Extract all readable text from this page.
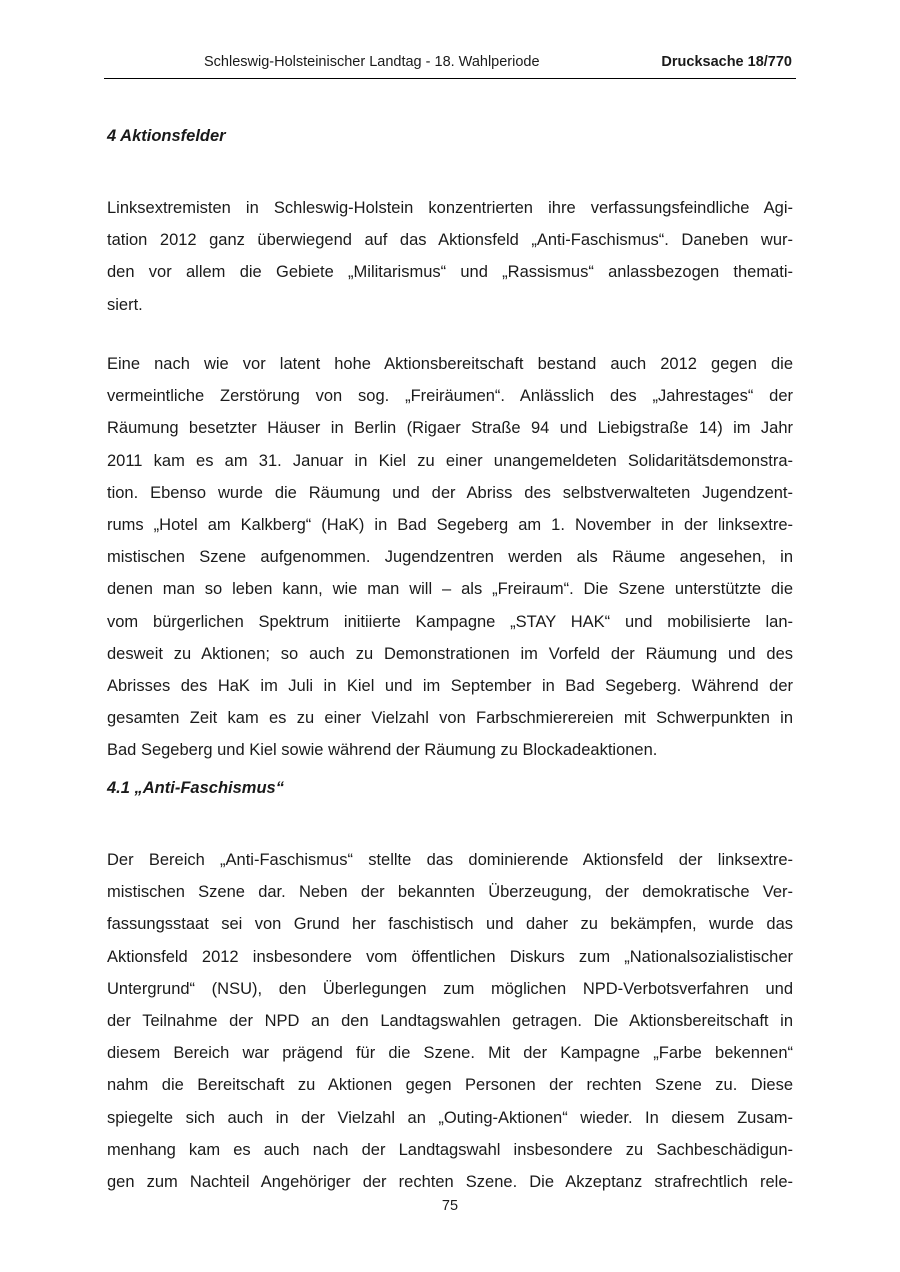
Schleswig-Holsteinischer Landtag - 18. Wahlperiode	Drucksache 18/770
4 Aktionsfelder

Linksextremisten in Schleswig-Holstein konzentrierten ihre verfassungsfeindliche Agi-
tation 2012 ganz überwiegend auf das Aktionsfeld „Anti-Faschismus“. Daneben wur-
den vor allem die Gebiete „Militarismus“ und „Rassismus“ anlassbezogen themati-
siert.

Eine nach wie vor latent hohe Aktionsbereitschaft bestand auch 2012 gegen die
vermeintliche Zerstörung von sog. „Freiräumen“. Anlässlich des „Jahrestages“ der
Räumung besetzter Häuser in Berlin (Rigaer Straße 94 und Liebigstraße 14) im Jahr
2011 kam es am 31. Januar in Kiel zu einer unangemeldeten Solidaritätsdemonstra-
tion. Ebenso wurde die Räumung und der Abriss des selbstverwalteten Jugendzent-
rums „Hotel am Kalkberg“ (HaK) in Bad Segeberg am 1. November in der linksextre-
mistischen Szene aufgenommen. Jugendzentren werden als Räume angesehen, in
denen man so leben kann, wie man will – als „Freiraum“. Die Szene unterstützte die
vom bürgerlichen Spektrum initiierte Kampagne „STAY HAK“ und mobilisierte lan-
desweit zu Aktionen; so auch zu Demonstrationen im Vorfeld der Räumung und des
Abrisses des HaK im Juli in Kiel und im September in Bad Segeberg. Während der
gesamten Zeit kam es zu einer Vielzahl von Farbschmierereien mit Schwerpunkten in
Bad Segeberg und Kiel sowie während der Räumung zu Blockadeaktionen.

4.1 „Anti-Faschismus“

Der Bereich „Anti-Faschismus“ stellte das dominierende Aktionsfeld der linksextre-
mistischen Szene dar. Neben der bekannten Überzeugung, der demokratische Ver-
fassungsstaat sei von Grund her faschistisch und daher zu bekämpfen, wurde das
Aktionsfeld 2012 insbesondere vom öffentlichen Diskurs zum „Nationalsozialistischer
Untergrund“ (NSU), den Überlegungen zum möglichen NPD-Verbotsverfahren und
der Teilnahme der NPD an den Landtagswahlen getragen. Die Aktionsbereitschaft in
diesem Bereich war prägend für die Szene. Mit der Kampagne „Farbe bekennen“
nahm die Bereitschaft zu Aktionen gegen Personen der rechten Szene zu. Diese
spiegelte sich auch in der Vielzahl an „Outing-Aktionen“ wieder. In diesem Zusam-
menhang kam es auch nach der Landtagswahl insbesondere zu Sachbeschädigun-
gen zum Nachteil Angehöriger der rechten Szene. Die Akzeptanz strafrechtlich rele-

75
